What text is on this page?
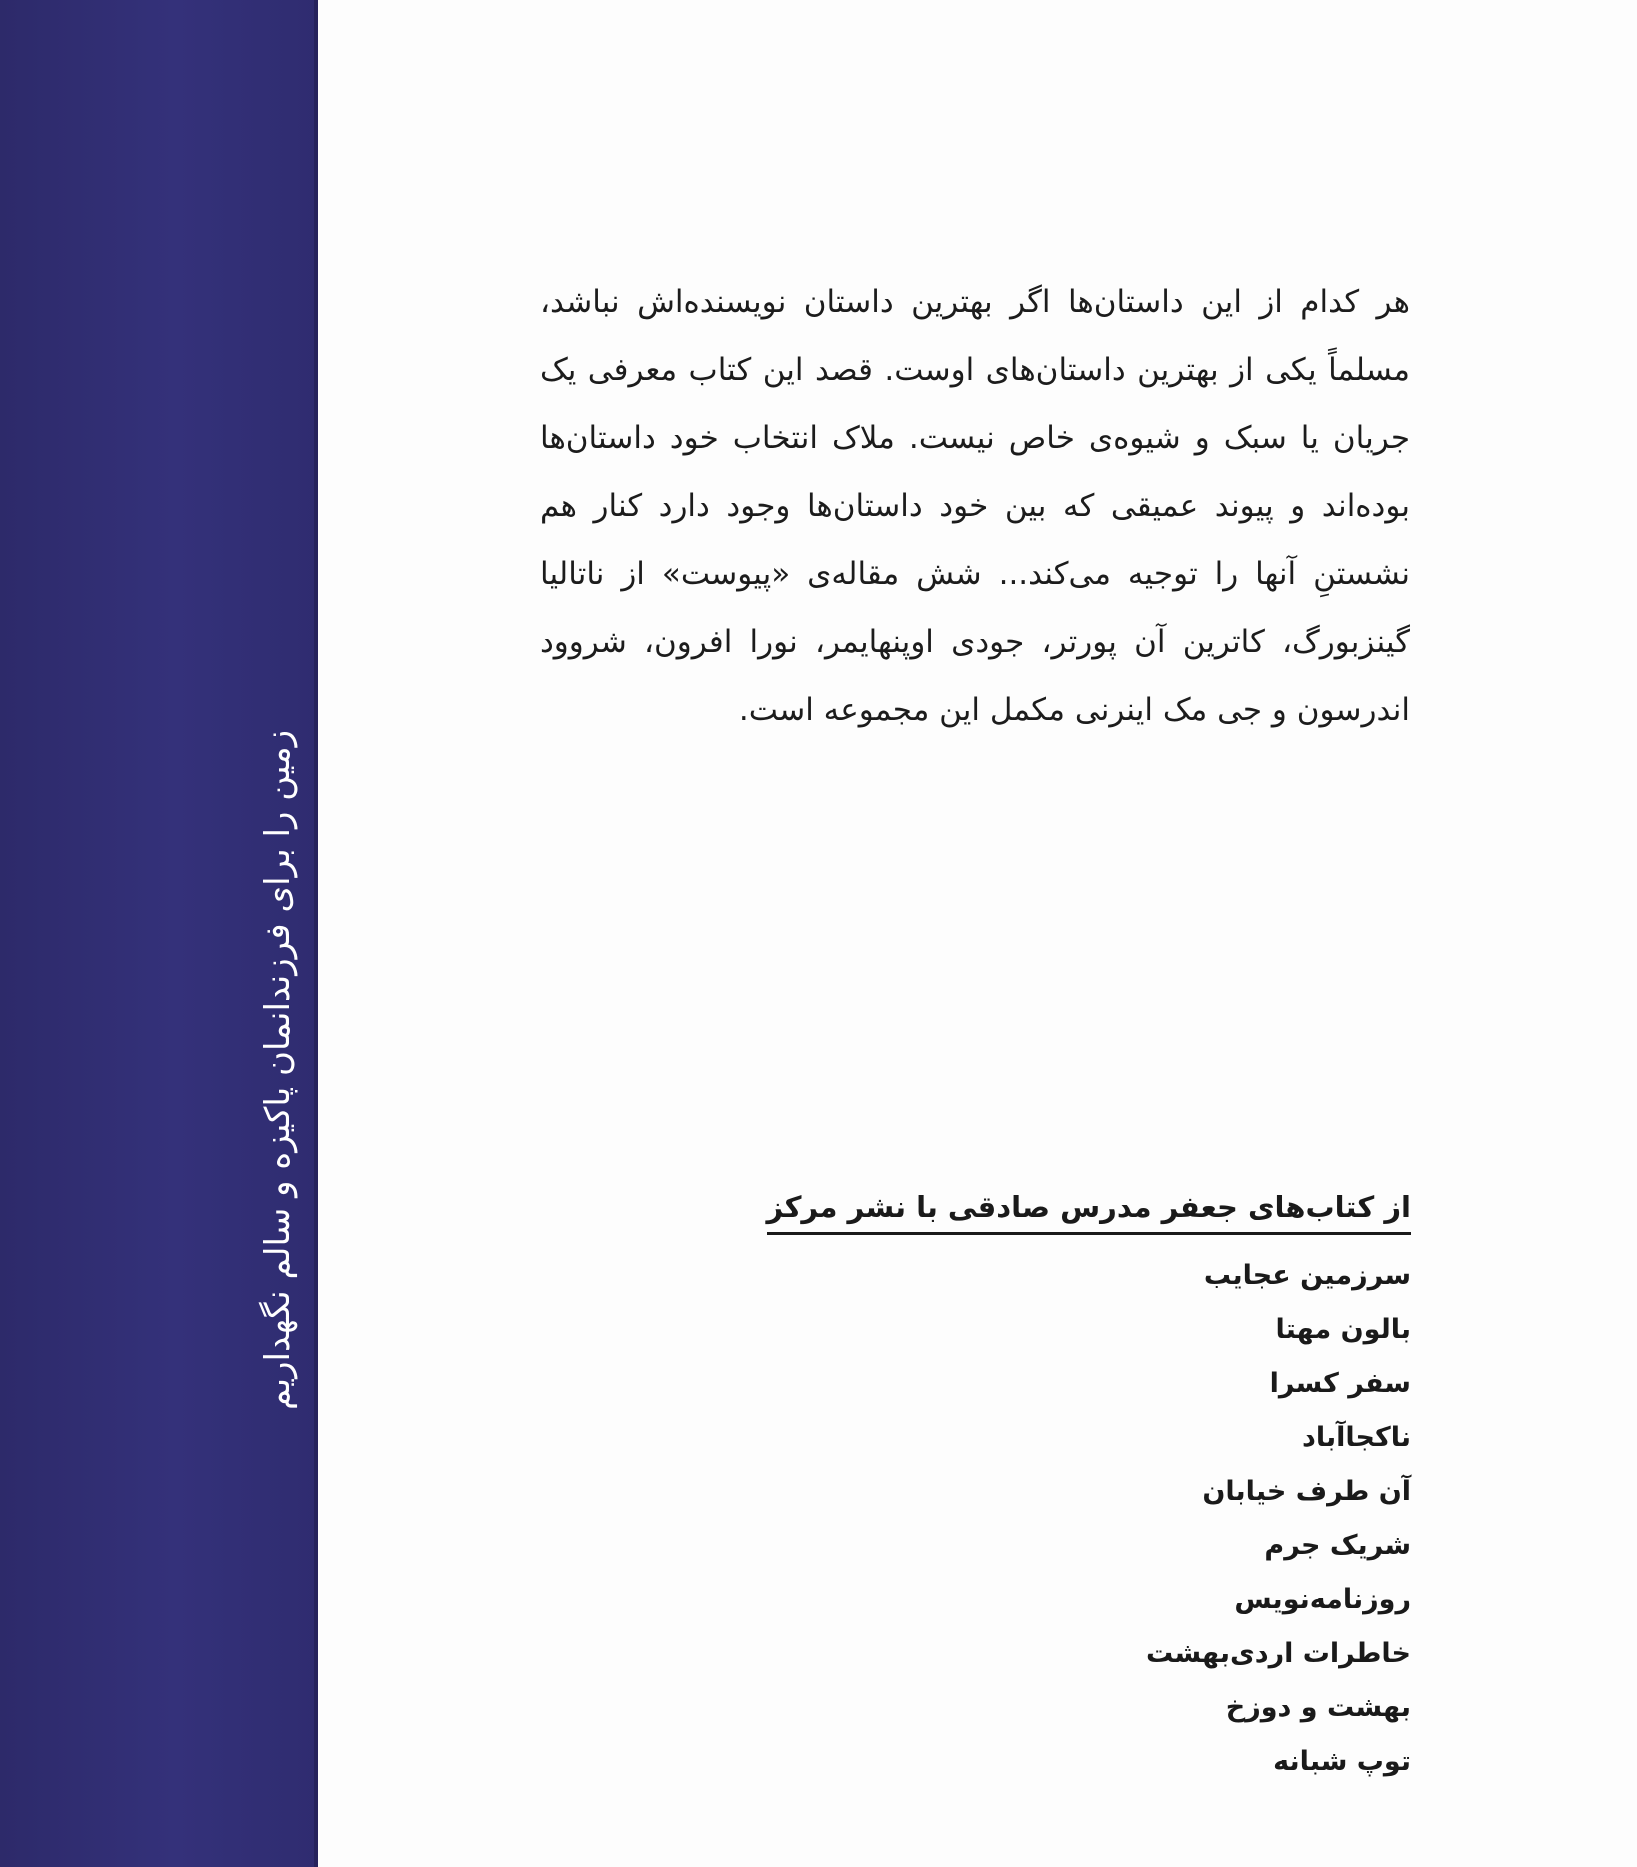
زمین را برای فرزندانمان پاکیزه و سالم نگهداریم
هر کدام از این داستان‌ها اگر بهترین داستان نویسنده‌اش نباشد، مسلماً یکی از بهترین داستان‌های اوست. قصد این کتاب معرفی یک جریان یا سبک و شیوه‌ی خاص نیست. ملاک انتخاب خود داستان‌ها بوده‌اند و پیوند عمیقی که بین خود داستان‌ها وجود دارد کنار هم نشستنِ آنها را توجیه می‌کند... شش مقاله‌ی «پیوست» از ناتالیا گینزبورگ، کاترین آن پورتر، جودی اوپنهایمر، نورا افرون، شروود اندرسون و جی مک اینرنی مکمل این مجموعه است.
از کتاب‌های جعفر مدرس صادقی با نشر مرکز
سرزمین عجایب
بالون مهتا
سفر کسرا
ناکجاآباد
آن طرف خیابان
شریک جرم
روزنامه‌نویس
خاطرات اردی‌بهشت
بهشت و دوزخ
توپ شبانه
